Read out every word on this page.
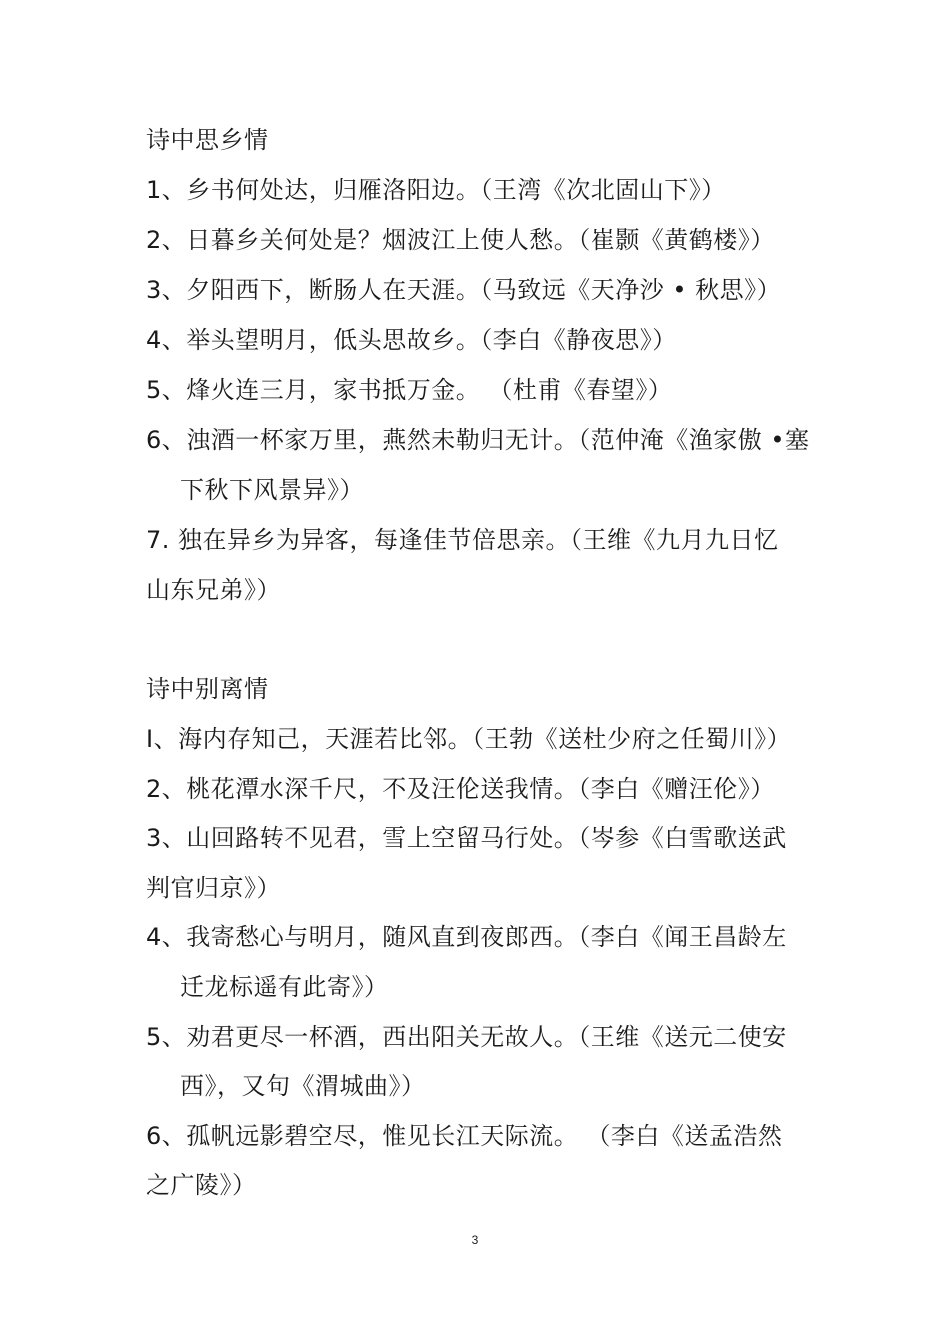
诗中思乡情
1、乡书何处达，归雁洛阳边。（王湾《次北固山下》）
2、日暮乡关何处是？烟波江上使人愁。（崔颢《黄鹤楼》）
3、夕阳西下，断肠人在天涯。（马致远《天净沙 • 秋思》）
4、举头望明月，低头思故乡。（李白《静夜思》）
5、烽火连三月，家书抵万金。 （杜甫《春望》）
6、浊酒一杯家万里，燕然未勒归无计。（范仲淹《渔家傲 •塞
下秋下风景异》）
7. 独在异乡为异客，每逢佳节倍思亲。（王维《九月九日忆
山东兄弟》）
诗中别离情
I、海内存知己，天涯若比邻。（王勃《送杜少府之任蜀川》）
2、桃花潭水深千尺，不及汪伦送我情。（李白《赠汪伦》）
3、山回路转不见君，雪上空留马行处。（岑参《白雪歌送武
判官归京》）
4、我寄愁心与明月，随风直到夜郎西。（李白《闻王昌龄左
迁龙标遥有此寄》）
5、劝君更尽一杯酒，西出阳关无故人。（王维《送元二使安
西》，又句《渭城曲》）
6、孤帆远影碧空尽，惟见长江天际流。 （李白《送孟浩然
之广陵》）
3
